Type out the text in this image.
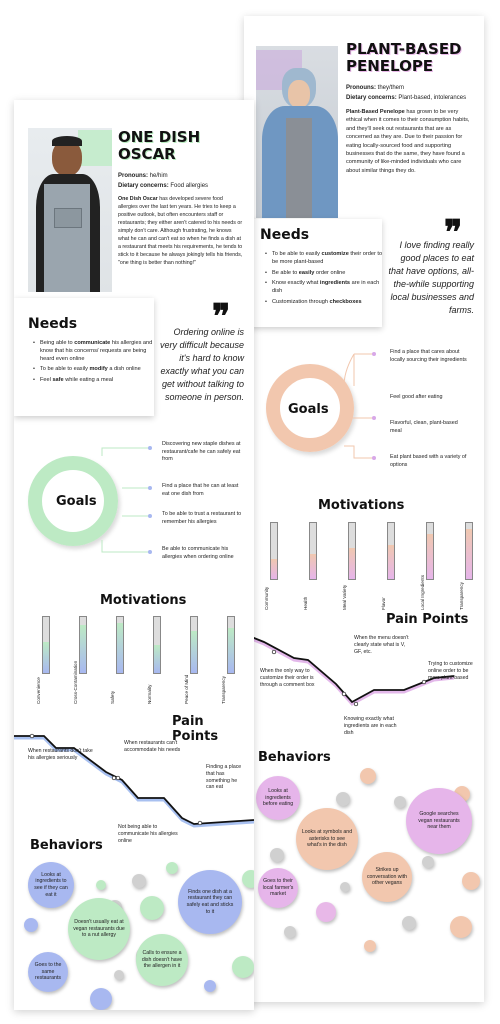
PLANT-BASED
PENELOPE
Pronouns: they/them
Dietary concerns: Plant-based, intolerances
Plant-Based Penelope has grown to be very ethical when it comes to their consumption habits, and they'll seek out restaurants that are as concerned as they are. Due to their passion for eating locally-sourced food and supporting businesses that do the same, they have found a community of like-minded individuals who care about similar things they do.
Needs
• To be able to easily customize their order to be more plant-based
• Be able to easily order online
• Know exactly what ingredients are in each dish
• Customization through checkboxes
❞
I love finding really good places to eat that have options, all-the-while supporting local businesses and farms.
Goals
Find a place that cares about locally sourcing their ingredients
Feel good after eating
Flavorful, clean, plant-based meal
Eat plant based with a variety of options
Motivations
Community	Health	Meal Variety	Flavor	Local Ingredients	Transparency
Pain Points
When the only way to customize their order is through a comment box
When the menu doesn't clearly state what is V, GF, etc.
Knowing exactly what ingredients are in each dish
Trying to customize online order to be more plant-based
Behaviors
Looks at ingredients before eating
Looks at symbols and asterisks to see what's in the dish
Goes to their local farmer's market
Strikes up conversation with other vegans
Google searches vegan restaurants near them
ONE DISH
OSCAR
Pronouns: he/him
Dietary concerns: Food allergies
One Dish Oscar has developed severe food allergies over the last ten years. He tries to keep a positive outlook, but often encounters staff or restaurants; they either aren't catered to his needs or simply don't care. Although frustrating, he knows what he can and can't eat so when he finds a dish at a restaurant that meets his requirements, he tends to stick to it because he always jokingly tells his friends, "one thing is better than nothing!"
Needs
• Being able to communicate his allergies and know that his concerns/ requests are being heard even online
• To be able to easily modify a dish online
• Feel safe while eating a meal
❞
Ordering online is very difficult because it's hard to know exactly what you can get without talking to someone in person.
Goals
Discovering new staple dishes at restaurant/cafe he can safely eat from
Find a place that he can at least eat one dish from
To be able to trust a restaurant to remember his allergies
Be able to communicate his allergies when ordering online
Motivations
Convenience	Cross-Contamination	Safety	Normality	Peace of Mind	Transparency
Pain Points
When restaurants don't take his allergies seriously
When restaurants can't accommodate his needs
Not being able to communicate his allergies online
Finding a place that has something he can eat
Behaviors
Looks at ingredients to see if they can eat it
Doesn't usually eat at vegan restaurants due to a nut allergy
Goes to the same restaurants
Calls to ensure a dish doesn't have the allergen in it
Finds one dish at a restaurant they can safely eat and sticks to it
